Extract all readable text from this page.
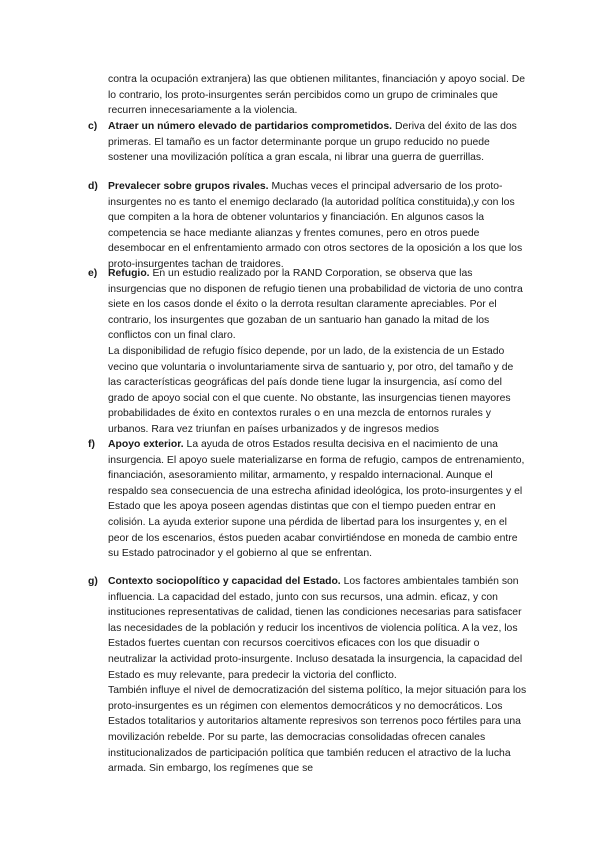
contra la ocupación extranjera) las que obtienen militantes, financiación y apoyo social. De lo contrario, los proto-insurgentes serán percibidos como un grupo de criminales que recurren innecesariamente a la violencia.

c) Atraer un número elevado de partidarios comprometidos. Deriva del éxito de las dos primeras. El tamaño es un factor determinante porque un grupo reducido no puede sostener una movilización política a gran escala, ni librar una guerra de guerrillas.

d) Prevalecer sobre grupos rivales. Muchas veces el principal adversario de los proto-insurgentes no es tanto el enemigo declarado (la autoridad política constituida),y con los que compiten a la hora de obtener voluntarios y financiación. En algunos casos la competencia se hace mediante alianzas y frentes comunes, pero en otros puede desembocar en el enfrentamiento armado con otros sectores de la oposición a los que los proto-insurgentes tachan de traidores.

e) Refugio. En un estudio realizado por la RAND Corporation, se observa que las insurgencias que no disponen de refugio tienen una probabilidad de victoria de uno contra siete en los casos donde el éxito o la derrota resultan claramente apreciables. Por el contrario, los insurgentes que gozaban de un santuario han ganado la mitad de los conflictos con un final claro.

La disponibilidad de refugio físico depende, por un lado, de la existencia de un Estado vecino que voluntaria o involuntariamente sirva de santuario y, por otro, del tamaño y de las características geográficas del país donde tiene lugar la insurgencia, así como del grado de apoyo social con el que cuente. No obstante, las insurgencias tienen mayores probabilidades de éxito en contextos rurales o en una mezcla de entornos rurales y urbanos. Rara vez triunfan en países urbanizados y de ingresos medios

f) Apoyo exterior. La ayuda de otros Estados resulta decisiva en el nacimiento de una insurgencia. El apoyo suele materializarse en forma de refugio, campos de entrenamiento, financiación, asesoramiento militar, armamento, y respaldo internacional. Aunque el respaldo sea consecuencia de una estrecha afinidad ideológica, los proto-insurgentes y el Estado que les apoya poseen agendas distintas que con el tiempo pueden entrar en colisión. La ayuda exterior supone una pérdida de libertad para los insurgentes y, en el peor de los escenarios, éstos pueden acabar convirtiéndose en moneda de cambio entre su Estado patrocinador y el gobierno al que se enfrentan.

g) Contexto sociopolítico y capacidad del Estado. Los factores ambientales también son influencia. La capacidad del estado, junto con sus recursos, una admin. eficaz, y con instituciones representativas de calidad, tienen las condiciones necesarias para satisfacer las necesidades de la población y reducir los incentivos de violencia política. A la vez, los Estados fuertes cuentan con recursos coercitivos eficaces con los que disuadir o neutralizar la actividad proto-insurgente. Incluso desatada la insurgencia, la capacidad del Estado es muy relevante, para predecir la victoria del conflicto.

También influye el nivel de democratización del sistema político, la mejor situación para los proto-insurgentes es un régimen con elementos democráticos y no democráticos. Los Estados totalitarios y autoritarios altamente represivos son terrenos poco fértiles para una movilización rebelde. Por su parte, las democracias consolidadas ofrecen canales institucionalizados de participación política que también reducen el atractivo de la lucha armada. Sin embargo, los regímenes que se
